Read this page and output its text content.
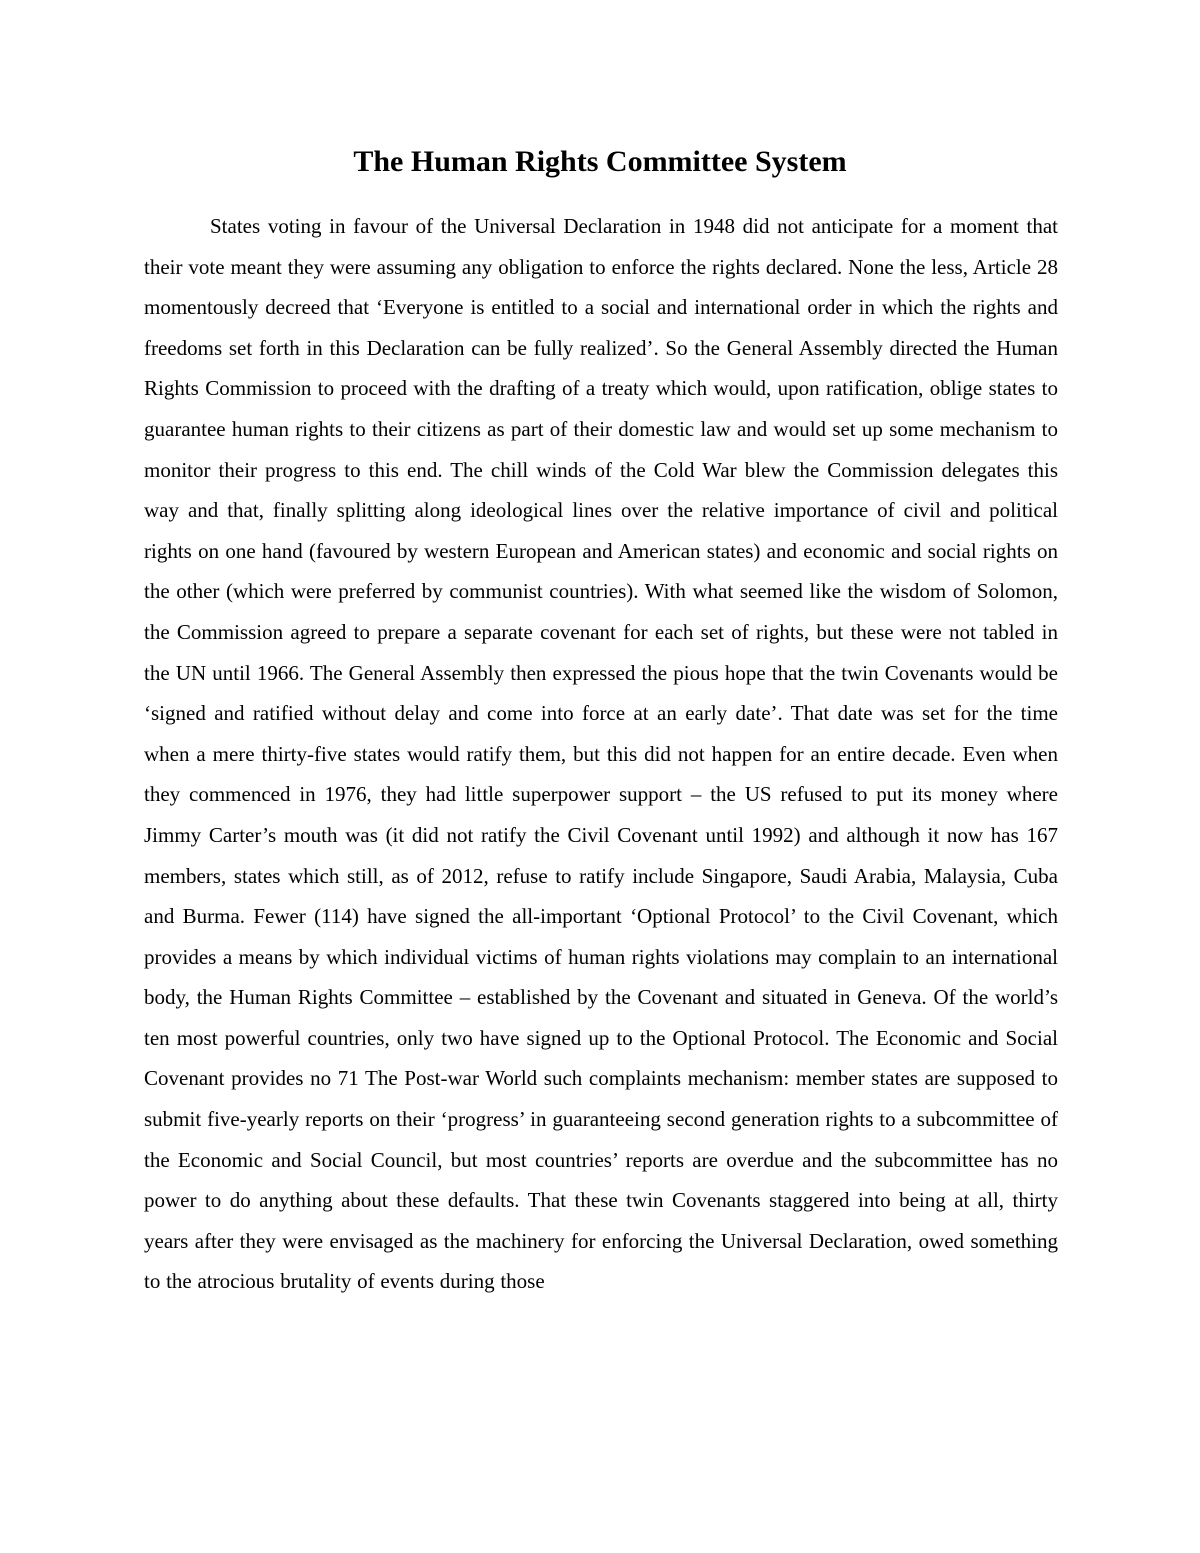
The Human Rights Committee System

States voting in favour of the Universal Declaration in 1948 did not anticipate for a moment that their vote meant they were assuming any obligation to enforce the rights declared. None the less, Article 28 momentously decreed that ‘Everyone is entitled to a social and international order in which the rights and freedoms set forth in this Declaration can be fully realized’. So the General Assembly directed the Human Rights Commission to proceed with the drafting of a treaty which would, upon ratification, oblige states to guarantee human rights to their citizens as part of their domestic law and would set up some mechanism to monitor their progress to this end. The chill winds of the Cold War blew the Commission delegates this way and that, finally splitting along ideological lines over the relative importance of civil and political rights on one hand (favoured by western European and American states) and economic and social rights on the other (which were preferred by communist countries). With what seemed like the wisdom of Solomon, the Commission agreed to prepare a separate covenant for each set of rights, but these were not tabled in the UN until 1966. The General Assembly then expressed the pious hope that the twin Covenants would be ‘signed and ratified without delay and come into force at an early date’. That date was set for the time when a mere thirty-five states would ratify them, but this did not happen for an entire decade. Even when they commenced in 1976, they had little superpower support – the US refused to put its money where Jimmy Carter’s mouth was (it did not ratify the Civil Covenant until 1992) and although it now has 167 members, states which still, as of 2012, refuse to ratify include Singapore, Saudi Arabia, Malaysia, Cuba and Burma. Fewer (114) have signed the all-important ‘Optional Protocol’ to the Civil Covenant, which provides a means by which individual victims of human rights violations may complain to an international body, the Human Rights Committee – established by the Covenant and situated in Geneva. Of the world’s ten most powerful countries, only two have signed up to the Optional Protocol. The Economic and Social Covenant provides no 71 The Post-war World such complaints mechanism: member states are supposed to submit five-yearly reports on their ‘progress’ in guaranteeing second generation rights to a subcommittee of the Economic and Social Council, but most countries’ reports are overdue and the subcommittee has no power to do anything about these defaults. That these twin Covenants staggered into being at all, thirty years after they were envisaged as the machinery for enforcing the Universal Declaration, owed something to the atrocious brutality of events during those
